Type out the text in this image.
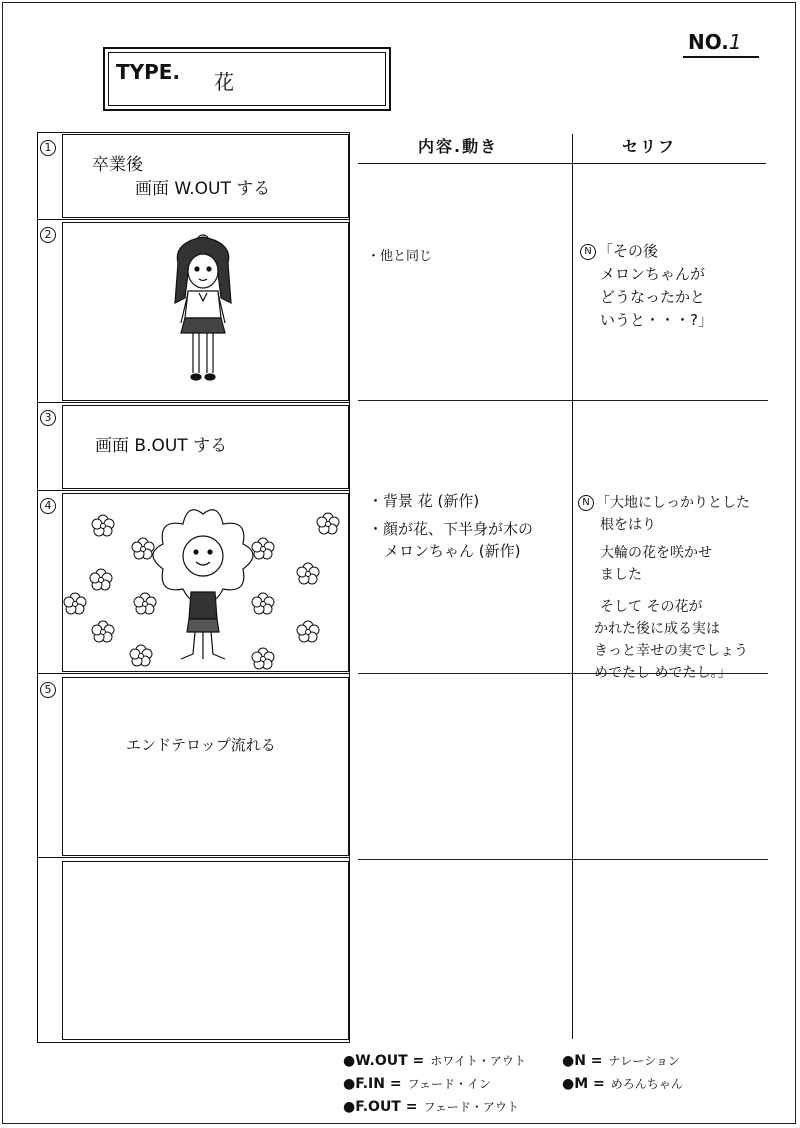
NO.1
TYPE. 花
1
卒業後
画面 W.OUT する
2
3
画面 B.OUT する
4
5
エンドテロップ流れる
内容.動き	セリフ
・他と同じ	N 「その後
メロンちゃんが
どうなったかと
いうと・・・?」
・背景 花 (新作)
・顔が花、下半身が木の
メロンちゃん (新作)
N 「大地にしっかりとした
根をはり
大輪の花を咲かせ
ました
そして その花が
かれた後に成る実は
きっと幸せの実でしょう
めでたし めでたし。」
●W.OUT = ホワイト・アウト
●F.IN = フェード・イン
●F.OUT = フェード・アウト
●N = ナレーション
●M = めろんちゃん
